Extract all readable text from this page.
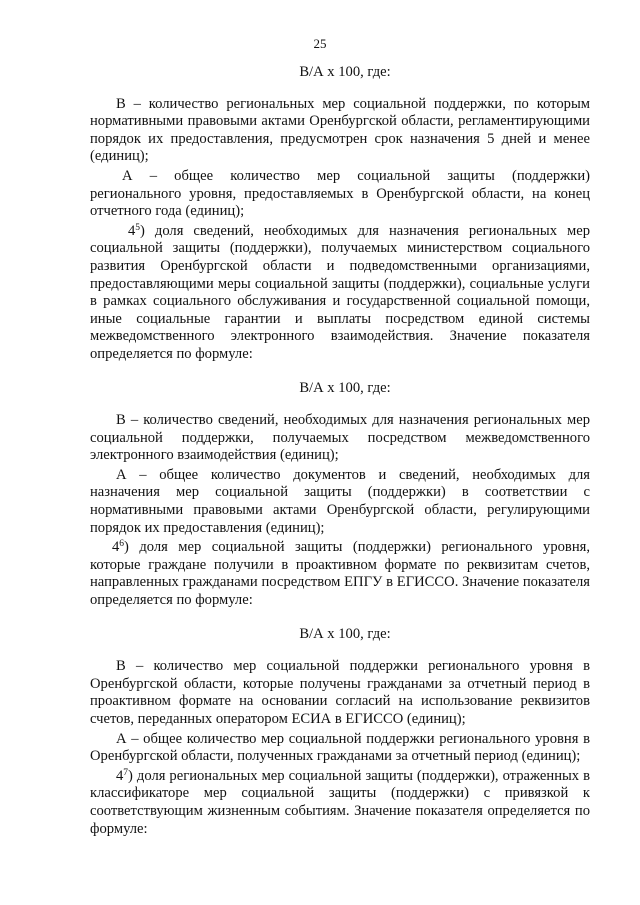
25
В/А х 100, где:

В – количество региональных мер социальной поддержки, по которым нормативными правовыми актами Оренбургской области, регламентирующими порядок их предоставления, предусмотрен срок назначения 5 дней и менее (единиц);

А – общее количество мер социальной защиты (поддержки) регионального уровня, предоставляемых в Оренбургской области, на конец отчетного года (единиц);

$4^5$) доля сведений, необходимых для назначения региональных мер социальной защиты (поддержки), получаемых министерством социального развития Оренбургской области и подведомственными организациями, предоставляющими меры социальной защиты (поддержки), социальные услуги в рамках социального обслуживания и государственной социальной помощи, иные социальные гарантии и выплаты посредством единой системы межведомственного электронного взаимодействия. Значение показателя определяется по формуле:

В/А х 100, где:

В – количество сведений, необходимых для назначения региональных мер социальной поддержки, получаемых посредством межведомственного электронного взаимодействия (единиц);

А – общее количество документов и сведений, необходимых для назначения мер социальной защиты (поддержки) в соответствии с нормативными правовыми актами Оренбургской области, регулирующими порядок их предоставления (единиц);

$4^6$) доля мер социальной защиты (поддержки) регионального уровня, которые граждане получили в проактивном формате по реквизитам счетов, направленных гражданами посредством ЕПГУ в ЕГИССО. Значение показателя определяется по формуле:

В/А х 100, где:

В – количество мер социальной поддержки регионального уровня в Оренбургской области, которые получены гражданами за отчетный период в проактивном формате на основании согласий на использование реквизитов счетов, переданных оператором ЕСИА в ЕГИССО (единиц);

А – общее количество мер социальной поддержки регионального уровня в Оренбургской области, полученных гражданами за отчетный период (единиц);

$4^7$) доля региональных мер социальной защиты (поддержки), отраженных в классификаторе мер социальной защиты (поддержки) с привязкой к соответствующим жизненным событиям. Значение показателя определяется по формуле:
